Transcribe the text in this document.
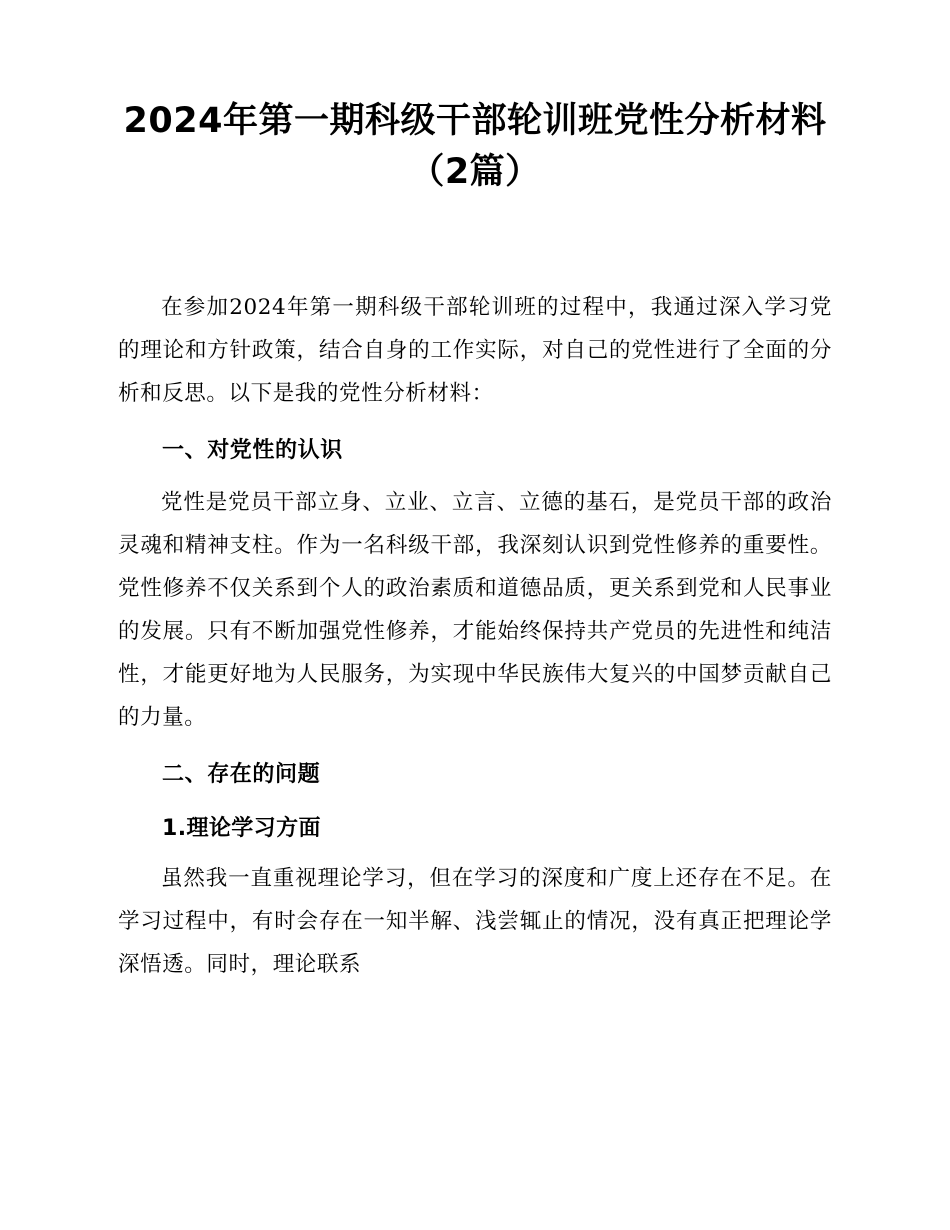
2024年第一期科级干部轮训班党性分析材料
（2篇）

在参加2024年第一期科级干部轮训班的过程中，我通过深入学习党的理论和方针政策，结合自身的工作实际，对自己的党性进行了全面的分析和反思。以下是我的党性分析材料：

一、对党性的认识

党性是党员干部立身、立业、立言、立德的基石，是党员干部的政治灵魂和精神支柱。作为一名科级干部，我深刻认识到党性修养的重要性。党性修养不仅关系到个人的政治素质和道德品质，更关系到党和人民事业的发展。只有不断加强党性修养，才能始终保持共产党员的先进性和纯洁性，才能更好地为人民服务，为实现中华民族伟大复兴的中国梦贡献自己的力量。

二、存在的问题
1.理论学习方面

虽然我一直重视理论学习，但在学习的深度和广度上还存在不足。在学习过程中，有时会存在一知半解、浅尝辄止的情况，没有真正把理论学深悟透。同时，理论联系
